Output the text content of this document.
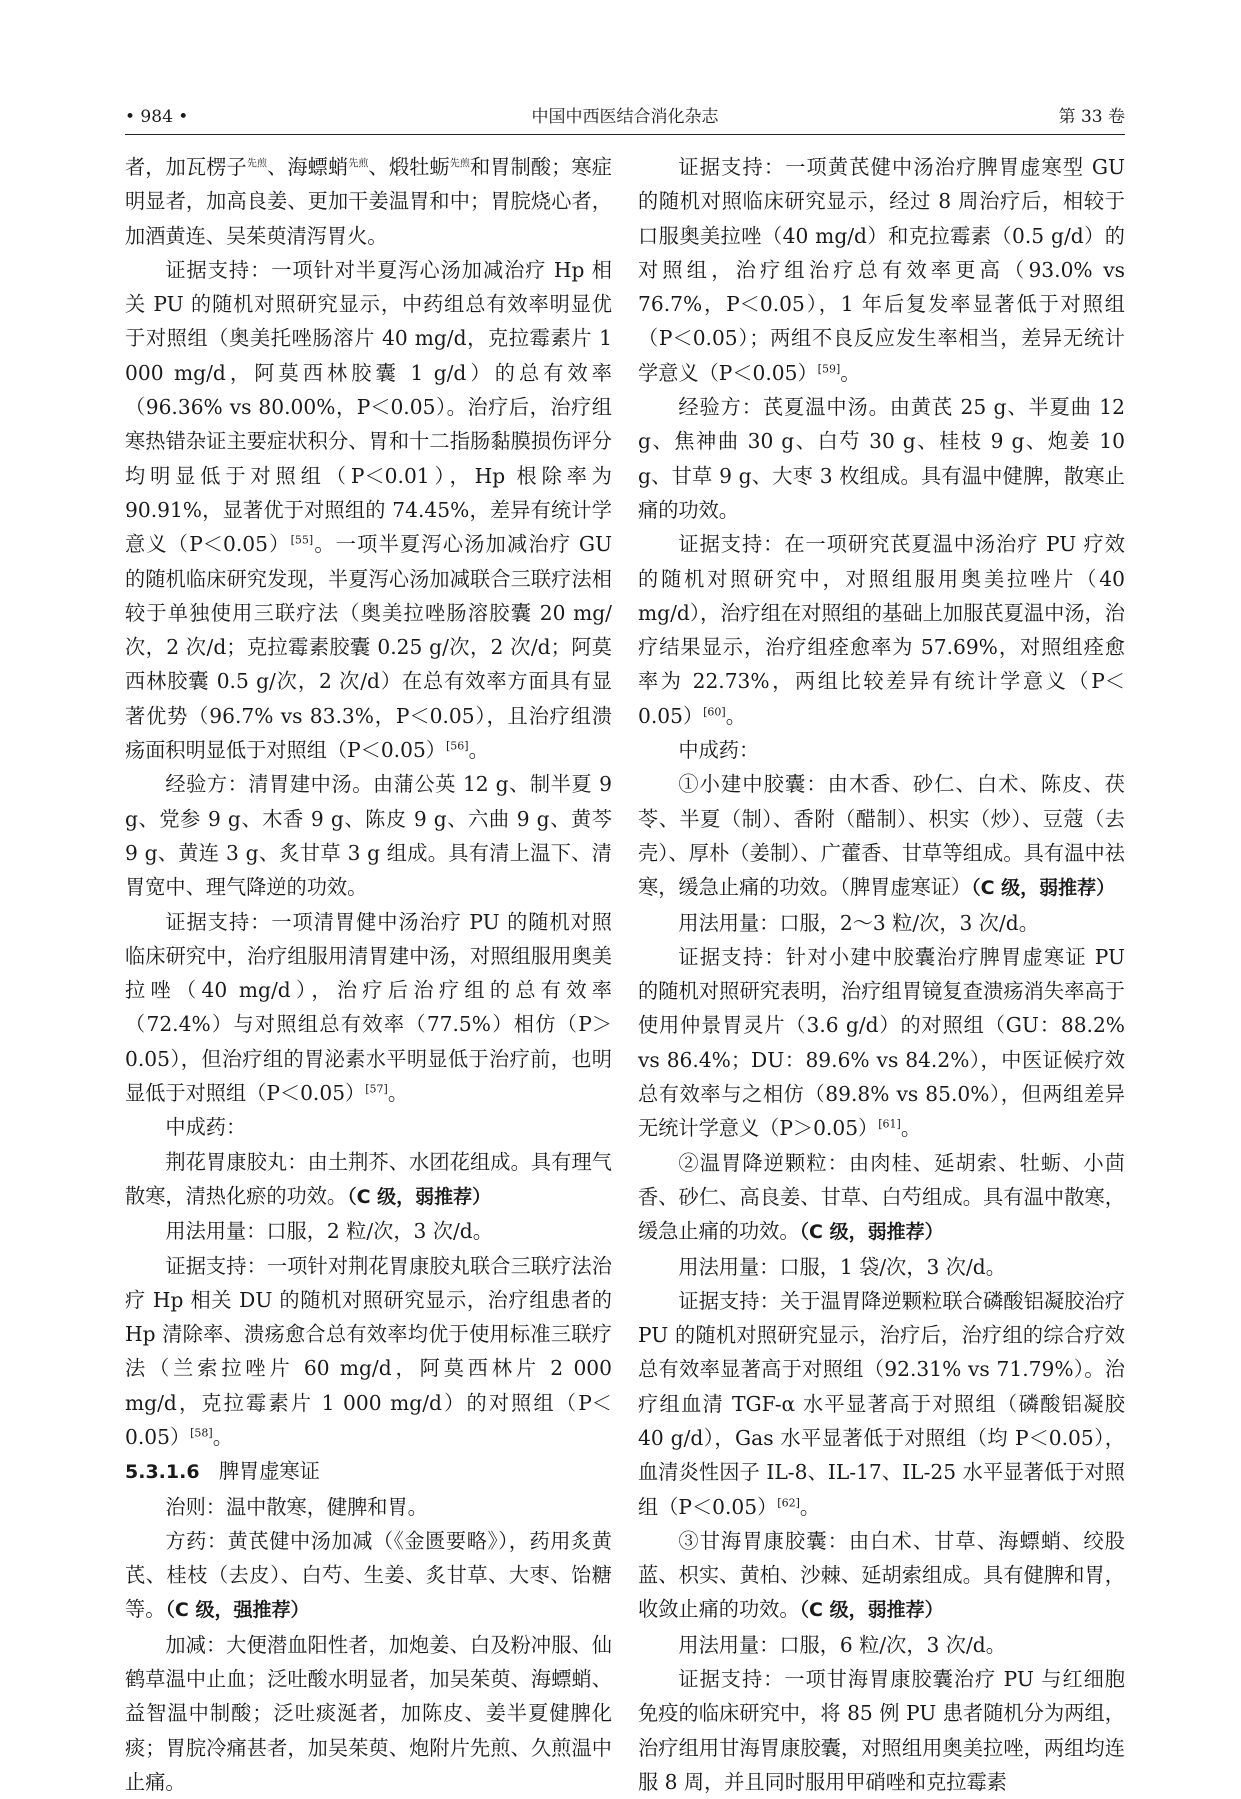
• 984 •	中国中西医结合消化杂志	第 33 卷

者，加瓦楞子$^{先煎}$、海螵蛸$^{先煎}$、煅牡蛎$^{先煎}$和胃制酸；寒症明显者，加高良姜、更加干姜温胃和中；胃脘烧心者，加酒黄连、吴茱萸清泻胃火。

证据支持：一项针对半夏泻心汤加减治疗 Hp 相关 PU 的随机对照研究显示，中药组总有效率明显优于对照组（奥美托唑肠溶片 40 mg/d，克拉霉素片 1 000 mg/d，阿莫西林胶囊 1 g/d）的总有效率（96.36% vs 80.00%，P＜0.05）。治疗后，治疗组寒热错杂证主要症状积分、胃和十二指肠黏膜损伤评分均明显低于对照组（P＜0.01），Hp 根除率为 90.91%，显著优于对照组的 74.45%，差异有统计学意义（P＜0.05）[55]。一项半夏泻心汤加减治疗 GU 的随机临床研究发现，半夏泻心汤加减联合三联疗法相较于单独使用三联疗法（奥美拉唑肠溶胶囊 20 mg/次，2 次/d；克拉霉素胶囊 0.25 g/次，2 次/d；阿莫西林胶囊 0.5 g/次，2 次/d）在总有效率方面具有显著优势（96.7% vs 83.3%，P＜0.05），且治疗组溃疡面积明显低于对照组（P＜0.05）[56]。

经验方：清胃建中汤。由蒲公英 12 g、制半夏 9 g、党参 9 g、木香 9 g、陈皮 9 g、六曲 9 g、黄芩 9 g、黄连 3 g、炙甘草 3 g 组成。具有清上温下、清胃宽中、理气降逆的功效。

证据支持：一项清胃健中汤治疗 PU 的随机对照临床研究中，治疗组服用清胃建中汤，对照组服用奥美拉唑（40 mg/d），治疗后治疗组的总有效率（72.4%）与对照组总有效率（77.5%）相仿（P＞0.05），但治疗组的胃泌素水平明显低于治疗前，也明显低于对照组（P＜0.05）[57]。

中成药：

荆花胃康胶丸：由土荆芥、水团花组成。具有理气散寒，清热化瘀的功效。（C 级，弱推荐）

用法用量：口服，2 粒/次，3 次/d。

证据支持：一项针对荆花胃康胶丸联合三联疗法治疗 Hp 相关 DU 的随机对照研究显示，治疗组患者的 Hp 清除率、溃疡愈合总有效率均优于使用标准三联疗法（兰索拉唑片 60 mg/d，阿莫西林片 2 000 mg/d，克拉霉素片 1 000 mg/d）的对照组（P＜0.05）[58]。

5.3.1.6 脾胃虚寒证

治则：温中散寒，健脾和胃。

方药：黄芪健中汤加减（《金匮要略》），药用炙黄芪、桂枝（去皮）、白芍、生姜、炙甘草、大枣、饴糖等。（C 级，强推荐）

加减：大便潜血阳性者，加炮姜、白及粉冲服、仙鹤草温中止血；泛吐酸水明显者，加吴茱萸、海螵蛸、益智温中制酸；泛吐痰涎者，加陈皮、姜半夏健脾化痰；胃脘冷痛甚者，加吴茱萸、炮附片先煎、久煎温中止痛。

证据支持：一项黄芪健中汤治疗脾胃虚寒型 GU 的随机对照临床研究显示，经过 8 周治疗后，相较于口服奥美拉唑（40 mg/d）和克拉霉素（0.5 g/d）的对照组，治疗组治疗总有效率更高（93.0% vs 76.7%，P＜0.05），1 年后复发率显著低于对照组（P＜0.05）；两组不良反应发生率相当，差异无统计学意义（P＜0.05）[59]。

经验方：芪夏温中汤。由黄芪 25 g、半夏曲 12 g、焦神曲 30 g、白芍 30 g、桂枝 9 g、炮姜 10 g、甘草 9 g、大枣 3 枚组成。具有温中健脾，散寒止痛的功效。

证据支持：在一项研究芪夏温中汤治疗 PU 疗效的随机对照研究中，对照组服用奥美拉唑片（40 mg/d），治疗组在对照组的基础上加服芪夏温中汤，治疗结果显示，治疗组痊愈率为 57.69%，对照组痊愈率为 22.73%，两组比较差异有统计学意义（P＜0.05）[60]。

中成药：

①小建中胶囊：由木香、砂仁、白术、陈皮、茯苓、半夏（制）、香附（醋制）、枳实（炒）、豆蔻（去壳）、厚朴（姜制）、广藿香、甘草等组成。具有温中祛寒，缓急止痛的功效。（脾胃虚寒证）（C 级，弱推荐）

用法用量：口服，2～3 粒/次，3 次/d。

证据支持：针对小建中胶囊治疗脾胃虚寒证 PU 的随机对照研究表明，治疗组胃镜复查溃疡消失率高于使用仲景胃灵片（3.6 g/d）的对照组（GU：88.2% vs 86.4%；DU：89.6% vs 84.2%），中医证候疗效总有效率与之相仿（89.8% vs 85.0%），但两组差异无统计学意义（P＞0.05）[61]。

②温胃降逆颗粒：由肉桂、延胡索、牡蛎、小茴香、砂仁、高良姜、甘草、白芍组成。具有温中散寒，缓急止痛的功效。（C 级，弱推荐）

用法用量：口服，1 袋/次，3 次/d。

证据支持：关于温胃降逆颗粒联合磷酸铝凝胶治疗 PU 的随机对照研究显示，治疗后，治疗组的综合疗效总有效率显著高于对照组（92.31% vs 71.79%）。治疗组血清 TGF-α 水平显著高于对照组（磷酸铝凝胶 40 g/d），Gas 水平显著低于对照组（均 P＜0.05），血清炎性因子 IL-8、IL-17、IL-25 水平显著低于对照组（P＜0.05）[62]。

③甘海胃康胶囊：由白术、甘草、海螵蛸、绞股蓝、枳实、黄柏、沙棘、延胡索组成。具有健脾和胃，收敛止痛的功效。（C 级，弱推荐）

用法用量：口服，6 粒/次，3 次/d。

证据支持：一项甘海胃康胶囊治疗 PU 与红细胞免疫的临床研究中，将 85 例 PU 患者随机分为两组，治疗组用甘海胃康胶囊，对照组用奥美拉唑，两组均连服 8 周，并且同时服用甲硝唑和克拉霉素
